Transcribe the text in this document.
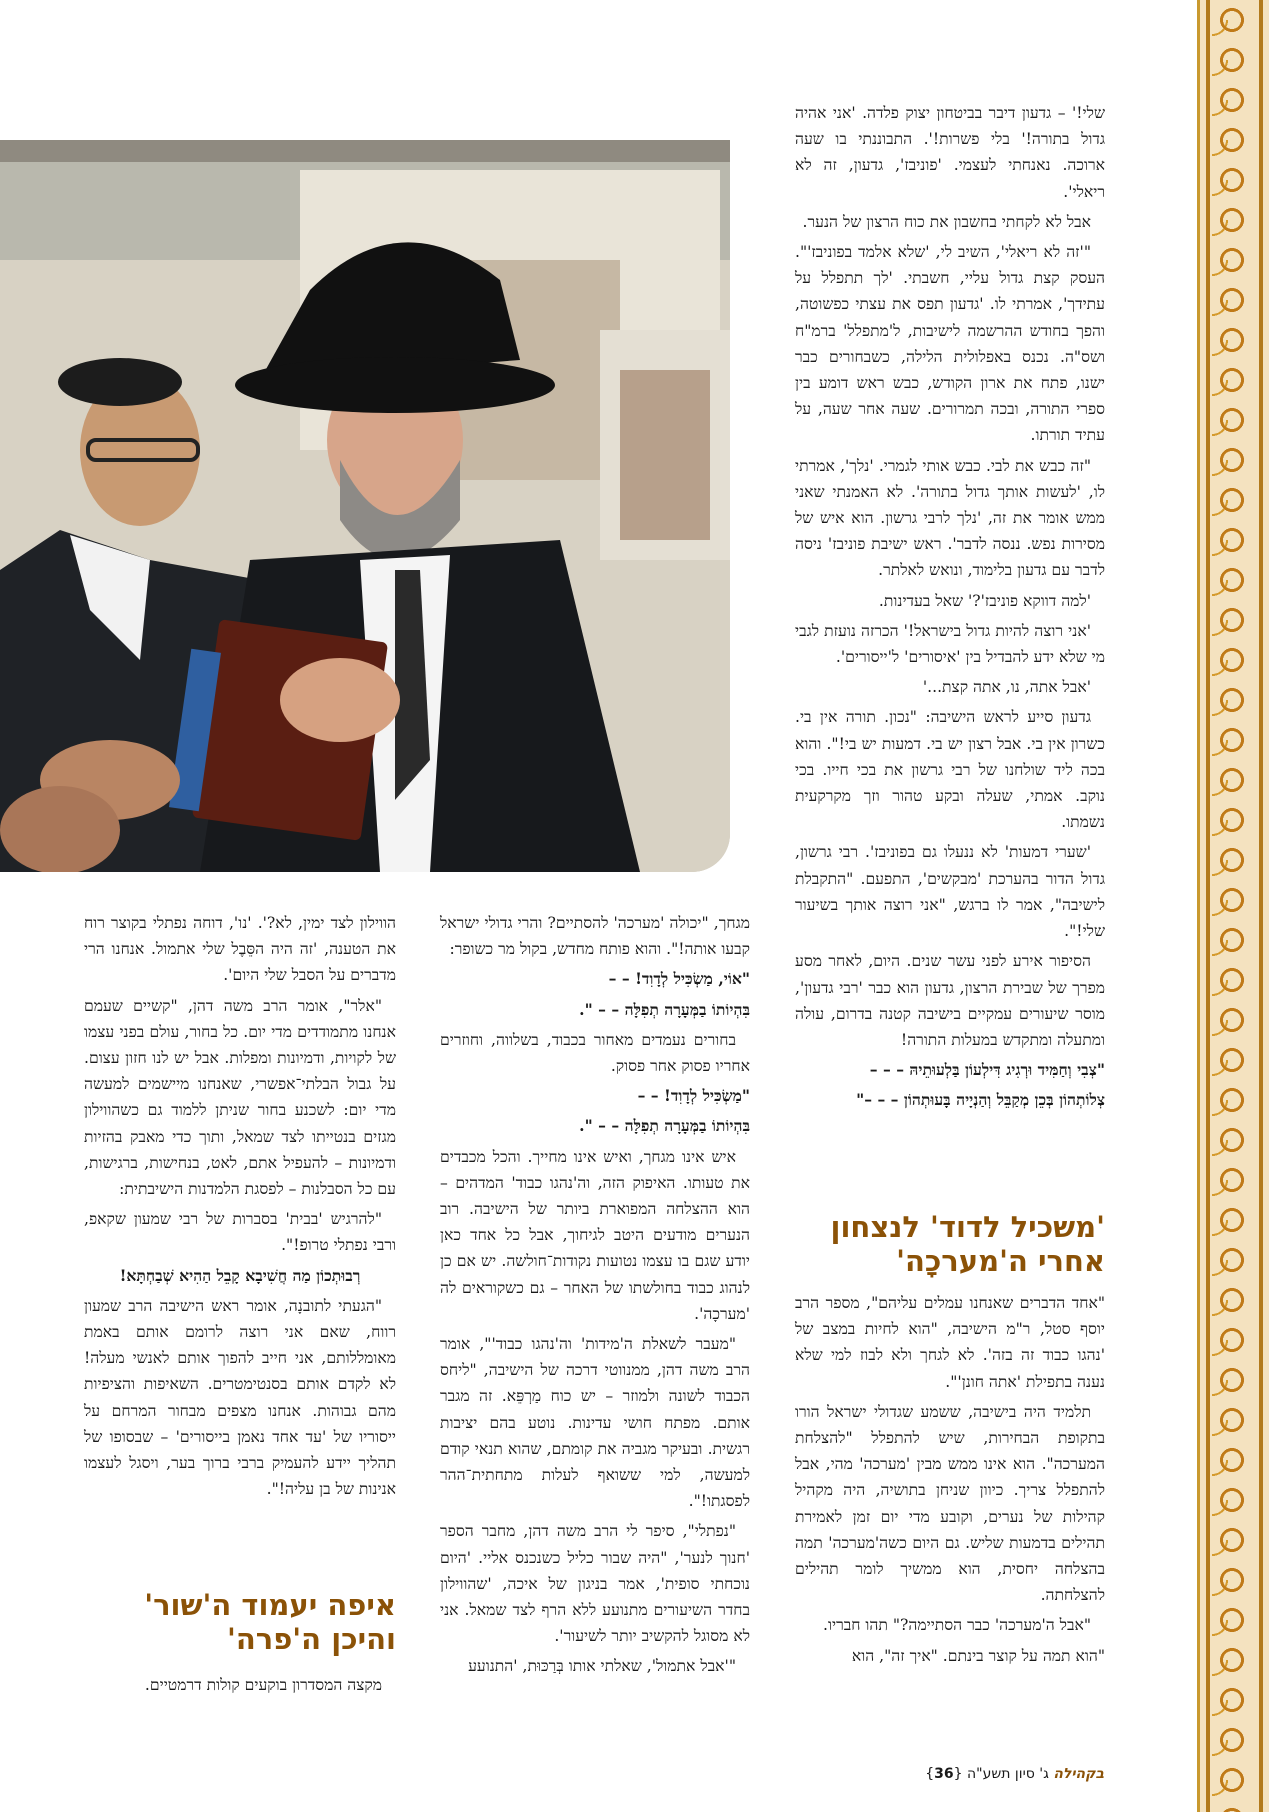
שלי!' – גדעון דיבר בביטחון יצוק פלדה. 'אני אהיה גדול בתורה!' בלי פשרות!'. התבוננתי בו שעה ארוכה. נאנחתי לעצמי. 'פוניבז', גדעון, זה לא ריאלי'.

אבל לא לקחתי בחשבון את כוח הרצון של הנער.

"'זה לא ריאלי', השיב לי, 'שלא אלמד בפוניבז'". העסק קצת גדול עליי, חשבתי. 'לך תתפלל על עתידך', אמרתי לו. 'גדעון תפס את עצתי כפשוטה, והפך בחודש ההרשמה לישיבות, ל'מתפלל' ברמ"ח ושס"ה. נכנס באפלולית הלילה, כשבחורים כבר ישנו, פתח את ארון הקודש, כבש ראש דומע בין ספרי התורה, ובכה תמרורים. שעה אחר שעה, על עתיד תורתו.

"זה כבש את לבי. כבש אותי לגמרי. 'נלך', אמרתי לו, 'לעשות אותך גדול בתורה'. לא האמנתי שאני ממש אומר את זה, 'נלך לרבי גרשון. הוא איש של מסירות נפש. ננסה לדבר'. ראש ישיבת פוניבז' ניסה לדבר עם גדעון בלימוד, ונואש לאלתר.

'למה דווקא פוניבז'?' שאל בעדינות.

'אני רוצה להיות גדול בישראל!' הכרזה נועזת לגבי מי שלא ידע להבדיל בין 'איסורים' ל'ייסורים'.

'אבל אתה, נו, אתה קצת...'

גדעון סייע לראש הישיבה: "נכון. תורה אין בי. כשרון אין בי. אבל רצון יש בי. דמעות יש בי!". והוא בכה ליד שולחנו של רבי גרשון את בכי חייו. בכי נוקב. אמתי, שעלה ובקע טהור וזך מקרקעית נשמתו.

'שערי דמעות' לא ננעלו גם בפוניבז'. רבי גרשון, גדול הדור בהערכת 'מבקשים', התפעם. "התקבלת לישיבה", אמר לו ברגש, "אני רוצה אותך בשיעור שלי!".

הסיפור אירע לפני עשר שנים. היום, לאחר מסע מפרך של שבירת הרצון, גדעון הוא כבר 'רבי גדעון', מוסר שיעורים עמקיים בישיבה קטנה בדרום, עולה ומתעלה ומתקדש במעלות התורה!

"צְבִי וְחַמִּיד וּרְגִיג דִּילְעוֹן בַּלְעוּתֵיהּ – – –

צְלוֹתְהוֹן בְּכֵן מְקַבֵּל וְהַנְיָיה בָּעוּתְהוֹן – – –"

'משכיל לדוד' לנצחון אחרי ה'מערכָה'

"אחד הדברים שאנחנו עמלים עליהם", מספר הרב יוסף סטל, ר"מ הישיבה, "הוא לחיות במצב של 'נהגו כבוד זה בזה'. לא לגחך ולא לבוז למי שלא נענה בתפילת 'אתה חונן'".

תלמיד היה בישיבה, ששמע שגדולי ישראל הורו בתקופת הבחירות, שיש להתפלל "להצלחת המערכה". הוא אינו ממש מבין 'מערכה' מהי, אבל להתפלל צריך. כיוון שניחן בתושיה, היה מקהיל קהילות של נערים, וקובע מדי יום זמן לאמירת תהילים בדמעות שליש. גם היום כשה'מערכה' תמה בהצלחה יחסית, הוא ממשיך לומר תהילים להצלחתה.

"אבל ה'מערכה' כבר הסתיימה?" תהו חבריו.

"הוא תמה על קוצר בינתם. "איך זה", הוא

מגחך, "יכולה 'מערכה' להסתיים? והרי גדולי ישראל קבעו אותה!". והוא פותח מחדש, בקול מר כשופר:

"אוֹי, מַשְׂכִּיל לְדָוִד! – –

בִּהְיוֹתוֹ בַמְּעָרָה תְפִלָּה – – ".

בחורים נעמדים מאחור בכבוד, בשלווה, וחוזרים אחריו פסוק אחר פסוק.

"מַשְׂכִּיל לְדָוִד! – –

בִּהְיוֹתוֹ בַמְּעָרָה תְפִלָּה – – ".

איש אינו מגחך, ואיש אינו מחייך. והכל מכבדים את טעותו. האיפוק הזה, וה'נהגו כבוד' המדהים – הוא ההצלחה המפוארת ביותר של הישיבה. רוב הנערים מודעים היטב לגיחוך, אבל כל אחד כאן יודע שגם בו עצמו נטועות נקודות־חולשה. יש אם כן לנהוג כבוד בחולשתו של האחר – גם כשקוראים לה 'מערכָה'.

"מעבר לשאלת ה'מידות' וה'נהגו כבוד'", אומר הרב משה דהן, ממנווטי דרכה של הישיבה, "ליחס הכבוד לשונה ולמוזר – יש כוח מַרְפֵּא. זה מגבר אותם. מפתח חושי עדינות. נוטע בהם יציבות רגשית. ובעיקר מגביה את קומתם, שהוא תנאי קודם למעשה, למי ששואף לעלות מתחתית־ההר לפסגתו!".

"נפתלי", סיפר לי הרב משה דהן, מחבר הספר 'חנוך לנער', "היה שבור כליל כשנכנס אליי. 'היום נוכחתי סופית', אמר בניגון של איכה, 'שהווילון בחדר השיעורים מתנועע ללא הרף לצד שמאל. אני לא מסוגל להקשיב יותר לשיעור'.

"'אבל אתמול', שאלתי אותו בְּרַכּוּת, 'התנועע

הווילון לצד ימין, לא?'. 'נו', דוחה נפתלי בקוצר רוח את הטענה, 'זה היה הסֵּבֶל שלי אתמול. אנחנו הרי מדברים על הסבל שלי היום'.

"אלר", אומר הרב משה דהן, "קשיים שעמם אנחנו מתמודדים מדי יום. כל בחור, עולם בפני עצמו של לקויות, ודמיונות ומפלות. אבל יש לנו חזון עצום. על גבול הבלתי־אפשרי, שאנחנו מיישמים למעשה מדי יום: לשכנע בחור שניתן ללמוד גם כשהווילון מגזים בנטייתו לצד שמאל, ותוך כדי מאבק בהזיות ודמיונות – להעפיל אתם, לאט, בנחישות, ברגישות, עם כל הסבלנות – לפסגת הלמדנות הישיבתית:

"להרגיש 'בבית' בסברות של רבי שמעון שקאפ, ורבי נפתלי טרופ!".

רְבוּתְכוֹן מַה חֲשִׁיבָא קָבֵל הַהִיא שְׁבַחְתָּא!

"הגעתי לתובנָה, אומר ראש הישיבה הרב שמעון רווח, שאם אני רוצה לרומם אותם באמת מאומללותם, אני חייב להפוך אותם לאנשי מעלה! לא לקדם אותם בסנטימטרים. השאיפות והציפיות מהם גבוהות. אנחנו מצפים מבחור המרחם על ייסוריו של 'עד אחד נאמן בייסורים' – שבסופו של תהליך יידע להעמיק ברבי ברוך בער, ויסגל לעצמו אנינות של בן עליה!".

איפה יעמוד ה'שור' והיכן ה'פרה'

מקצה המסדרון בוקעים קולות דרמטיים.

בקהילה ג' סיון תשע"ה {36}
